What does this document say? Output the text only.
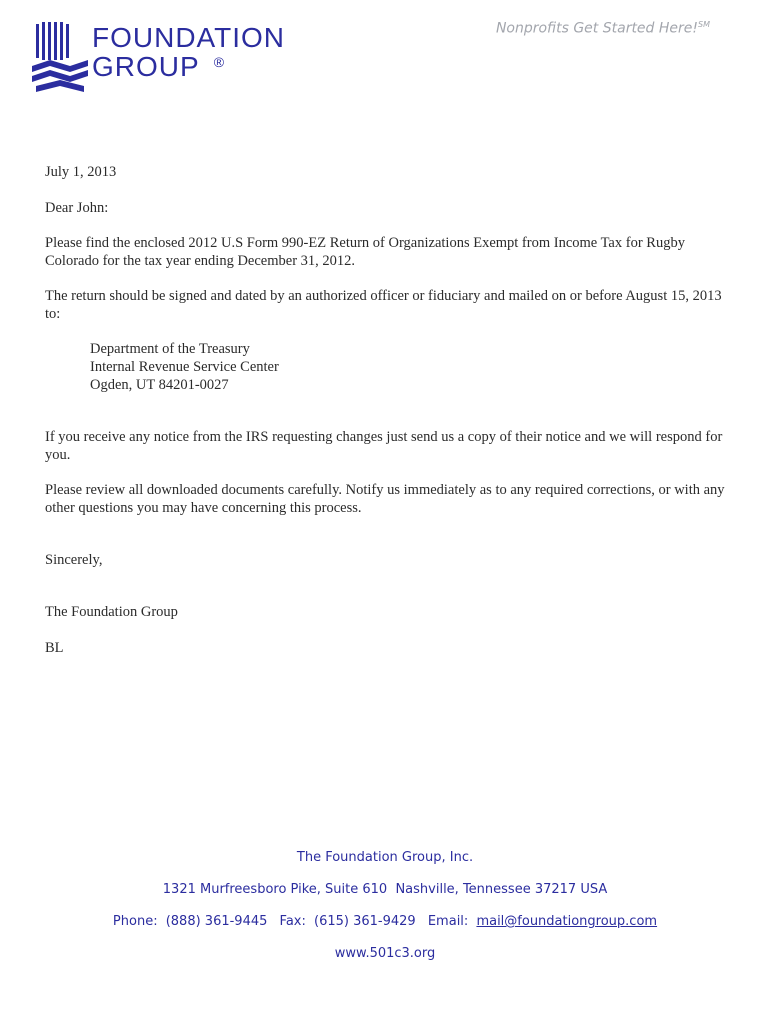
FOUNDATION
GROUP ®
Nonprofits Get Started Here!℠

July 1, 2013

Dear John:

Please find the enclosed 2012 U.S Form 990-EZ Return of Organizations Exempt from Income Tax for Rugby Colorado for the tax year ending December 31, 2012.

The return should be signed and dated by an authorized officer or fiduciary and mailed on or before August 15, 2013 to:

Department of the Treasury
Internal Revenue Service Center
Ogden, UT 84201-0027

If you receive any notice from the IRS requesting changes just send us a copy of their notice and we will respond for you.

Please review all downloaded documents carefully. Notify us immediately as to any required corrections, or with any other questions you may have concerning this process.

Sincerely,

The Foundation Group

BL

The Foundation Group, Inc.
1321 Murfreesboro Pike, Suite 610  Nashville, Tennessee 37217 USA
Phone: (888) 361-9445 Fax: (615) 361-9429 Email: mail@foundationgroup.com
www.501c3.org
